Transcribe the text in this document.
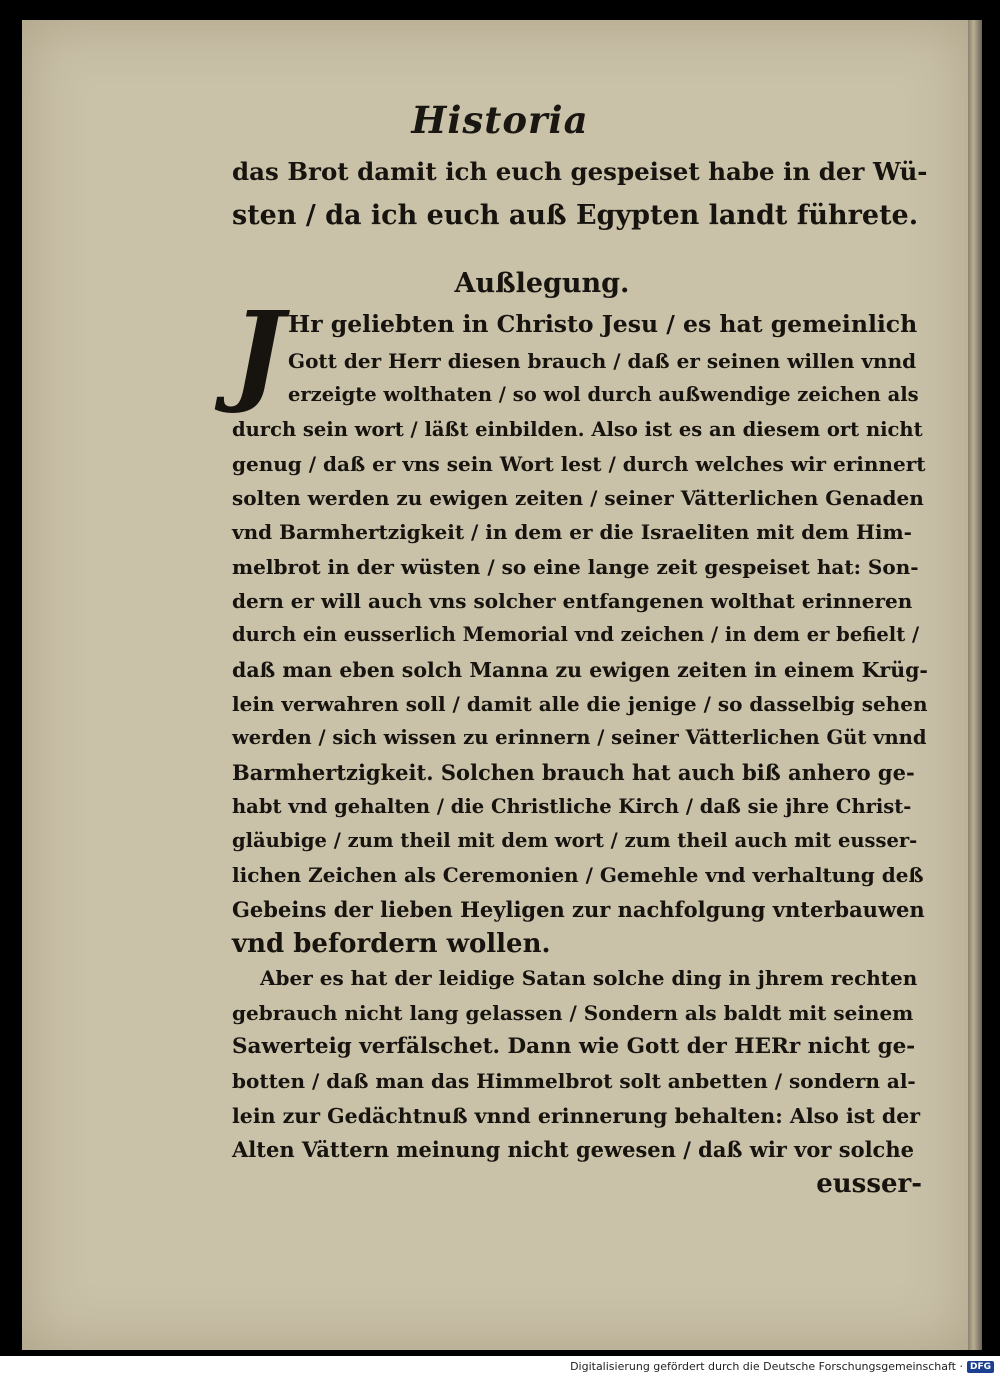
Historia
J
das Brot damit ich euch gespeiset habe in der Wü-
sten / da ich euch auß Egypten landt führete.
Außlegung.
Hr geliebten in Christo Jesu / es hat gemeinlich
Gott der Herr diesen brauch / daß er seinen willen vnnd
erzeigte wolthaten / so wol durch außwendige zeichen als
durch sein wort / läßt einbilden. Also ist es an diesem ort nicht
genug / daß er vns sein Wort lest / durch welches wir erinnert
solten werden zu ewigen zeiten / seiner Vätterlichen Genaden
vnd Barmhertzigkeit / in dem er die Israeliten mit dem Him-
melbrot in der wüsten / so eine lange zeit gespeiset hat: Son-
dern er will auch vns solcher entfangenen wolthat erinneren
durch ein eusserlich Memorial vnd zeichen / in dem er befielt /
daß man eben solch Manna zu ewigen zeiten in einem Krüg-
lein verwahren soll / damit alle die jenige / so dasselbig sehen
werden / sich wissen zu erinnern / seiner Vätterlichen Güt vnnd
Barmhertzigkeit. Solchen brauch hat auch biß anhero ge-
habt vnd gehalten / die Christliche Kirch / daß sie jhre Christ-
gläubige / zum theil mit dem wort / zum theil auch mit eusser-
lichen Zeichen als Ceremonien / Gemehle vnd verhaltung deß
Gebeins der lieben Heyligen zur nachfolgung vnterbauwen
vnd befordern wollen.
Aber es hat der leidige Satan solche ding in jhrem rechten
gebrauch nicht lang gelassen / Sondern als baldt mit seinem
Sawerteig verfälschet. Dann wie Gott der HERr nicht ge-
botten / daß man das Himmelbrot solt anbetten / sondern al-
lein zur Gedächtnuß vnnd erinnerung behalten: Also ist der
Alten Vättern meinung nicht gewesen / daß wir vor solche
eusser-
Digitalisierung gefördert durch die Deutsche Forschungsgemeinschaft · DFG
